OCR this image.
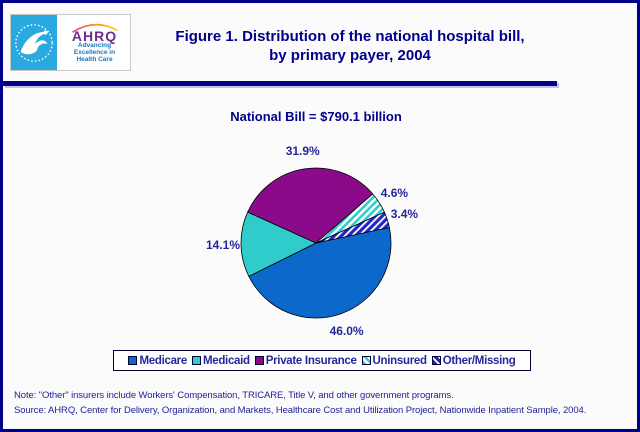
AHRQ
Advancing
Excellence in
Health Care
Figure 1. Distribution of the national hospital bill,
by primary payer, 2004
National Bill = $790.1 billion
Medicare Medicaid Private Insurance Uninsured Other/Missing
Note: "Other" insurers include Workers' Compensation, TRICARE, Title V, and other government programs.
Source: AHRQ, Center for Delivery, Organization, and Markets, Healthcare Cost and Utilization Project, Nationwide Inpatient Sample, 2004.
46.0%
14.1%
31.9%
4.6%
3.4%
